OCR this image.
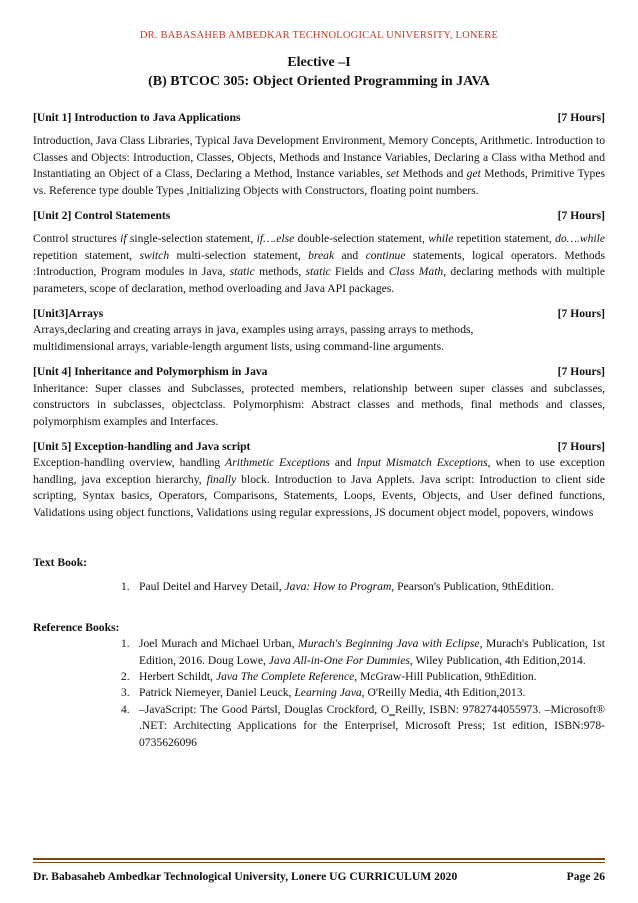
DR. BABASAHEB AMBEDKAR TECHNOLOGICAL UNIVERSITY, LONERE
Elective –I
(B) BTCOC 305: Object Oriented Programming in JAVA
[Unit 1] Introduction to Java Applications	[7 Hours]
Introduction, Java Class Libraries, Typical Java Development Environment, Memory Concepts, Arithmetic. Introduction to Classes and Objects: Introduction, Classes, Objects, Methods and Instance Variables, Declaring a Class witha Method and Instantiating an Object of a Class, Declaring a Method, Instance variables, set Methods and get Methods, Primitive Types vs. Reference type double Types ,Initializing Objects with Constructors, floating point numbers.
[Unit 2] Control Statements	[7 Hours]
Control structures if single-selection statement, if….else double-selection statement, while repetition statement, do….while repetition statement, switch multi-selection statement, break and continue statements, logical operators. Methods :Introduction, Program modules in Java, static methods, static Fields and Class Math, declaring methods with multiple parameters, scope of declaration, method overloading and Java API packages.
[Unit3]Arrays	[7 Hours]
Arrays,declaring and creating arrays in java, examples using arrays, passing arrays to methods, multidimensional arrays, variable-length argument lists, using command-line arguments.
[Unit 4] Inheritance and Polymorphism in Java	[7 Hours]
Inheritance: Super classes and Subclasses, protected members, relationship between super classes and subclasses, constructors in subclasses, objectclass. Polymorphism: Abstract classes and methods, final methods and classes, polymorphism examples and Interfaces.
[Unit 5] Exception-handling and Java script	[7 Hours]
Exception-handling overview, handling Arithmetic Exceptions and Input Mismatch Exceptions, when to use exception handling, java exception hierarchy, finally block. Introduction to Java Applets. Java script: Introduction to client side scripting, Syntax basics, Operators, Comparisons, Statements, Loops, Events, Objects, and User defined functions, Validations using object functions, Validations using regular expressions, JS document object model, popovers, windows
Text Book:
1. Paul Deitel and Harvey Detail, Java: How to Program, Pearson's Publication, 9thEdition.
Reference Books:
1. Joel Murach and Michael Urban, Murach's Beginning Java with Eclipse, Murach's Publication, 1st Edition, 2016. Doug Lowe, Java All-in-One For Dummies, Wiley Publication, 4th Edition,2014.
2. Herbert Schildt, Java The Complete Reference, McGraw-Hill Publication, 9thEdition.
3. Patrick Niemeyer, Daniel Leuck, Learning Java, O'Reilly Media, 4th Edition,2013.
4. –JavaScript: The Good Parts‖, Douglas Crockford, O‗Reilly, ISBN: 9782744055973. –Microsoft® .NET: Architecting Applications for the Enterprise‖, Microsoft Press; 1st edition, ISBN:978-0735626096
Dr. Babasaheb Ambedkar Technological University, Lonere UG CURRICULUM 2020	Page 26
